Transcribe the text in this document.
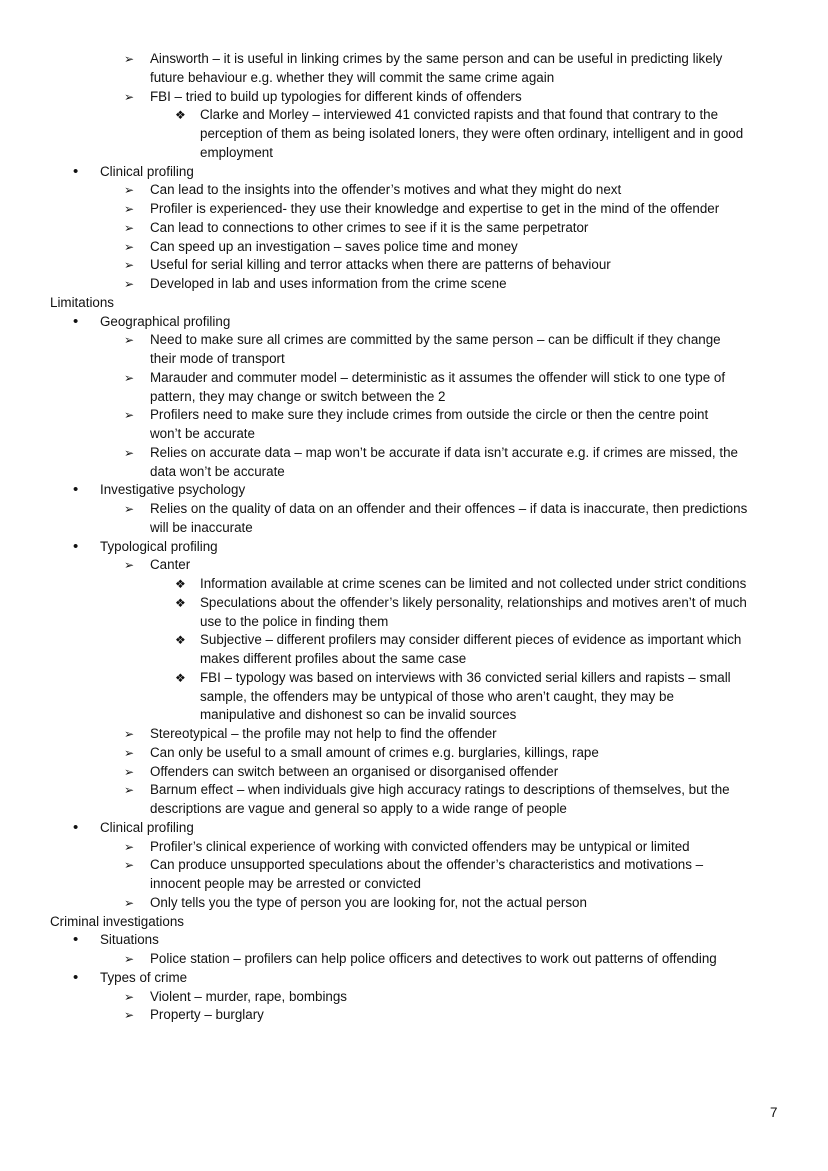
➢ Ainsworth – it is useful in linking crimes by the same person and can be useful in predicting likely
future behaviour e.g. whether they will commit the same crime again
➢ FBI – tried to build up typologies for different kinds of offenders
❖ Clarke and Morley – interviewed 41 convicted rapists and that found that contrary to the
perception of them as being isolated loners, they were often ordinary, intelligent and in good
employment
• Clinical profiling
➢ Can lead to the insights into the offender’s motives and what they might do next
➢ Profiler is experienced- they use their knowledge and expertise to get in the mind of the offender
➢ Can lead to connections to other crimes to see if it is the same perpetrator
➢ Can speed up an investigation – saves police time and money
➢ Useful for serial killing and terror attacks when there are patterns of behaviour
➢ Developed in lab and uses information from the crime scene
Limitations
• Geographical profiling
➢ Need to make sure all crimes are committed by the same person – can be difficult if they change
their mode of transport
➢ Marauder and commuter model – deterministic as it assumes the offender will stick to one type of
pattern, they may change or switch between the 2
➢ Profilers need to make sure they include crimes from outside the circle or then the centre point
won’t be accurate
➢ Relies on accurate data – map won’t be accurate if data isn’t accurate e.g. if crimes are missed, the
data won’t be accurate
• Investigative psychology
➢ Relies on the quality of data on an offender and their offences – if data is inaccurate, then predictions
will be inaccurate
• Typological profiling
➢ Canter
❖ Information available at crime scenes can be limited and not collected under strict conditions
❖ Speculations about the offender’s likely personality, relationships and motives aren’t of much
use to the police in finding them
❖ Subjective – different profilers may consider different pieces of evidence as important which
makes different profiles about the same case
❖ FBI – typology was based on interviews with 36 convicted serial killers and rapists – small
sample, the offenders may be untypical of those who aren’t caught, they may be
manipulative and dishonest so can be invalid sources
➢ Stereotypical – the profile may not help to find the offender
➢ Can only be useful to a small amount of crimes e.g. burglaries, killings, rape
➢ Offenders can switch between an organised or disorganised offender
➢ Barnum effect – when individuals give high accuracy ratings to descriptions of themselves, but the
descriptions are vague and general so apply to a wide range of people
• Clinical profiling
➢ Profiler’s clinical experience of working with convicted offenders may be untypical or limited
➢ Can produce unsupported speculations about the offender’s characteristics and motivations –
innocent people may be arrested or convicted
➢ Only tells you the type of person you are looking for, not the actual person
Criminal investigations
• Situations
➢ Police station – profilers can help police officers and detectives to work out patterns of offending
• Types of crime
➢ Violent – murder, rape, bombings
➢ Property – burglary
7
